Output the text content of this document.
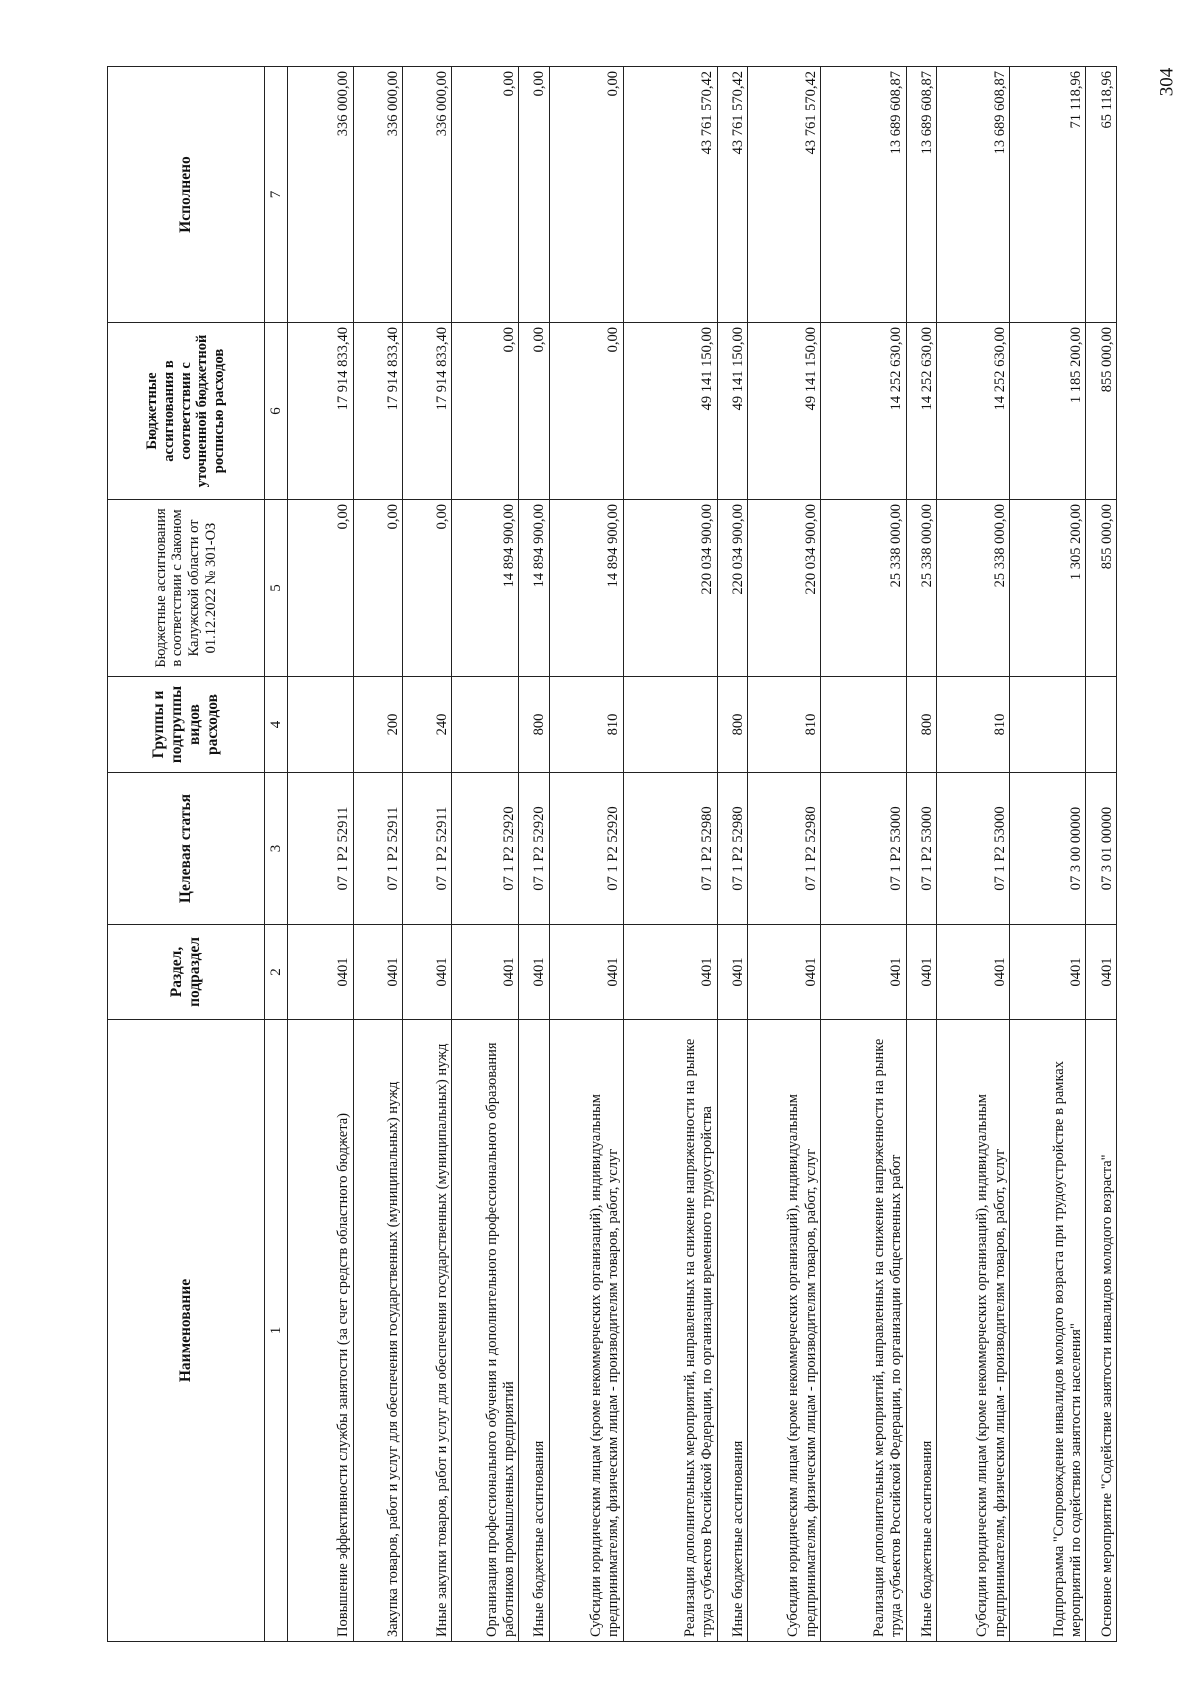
304
Наименование	Раздел, подраздел	Целевая статья	Группы и подгруппы видов расходов	Бюджетные ассигнования в соответствии с Законом Калужской области от 01.12.2022 № 301-ОЗ	Бюджетные ассигнования в соответствии с уточненной бюджетной росписью расходов	Исполнено
1	2	3	4	5	6	7
Повышение эффективности службы занятости (за счет средств областного бюджета)	0401	07 1 Р2 52911		0,00	17 914 833,40	336 000,00
Закупка товаров, работ и услуг для обеспечения государственных (муниципальных) нужд	0401	07 1 Р2 52911	200	0,00	17 914 833,40	336 000,00
Иные закупки товаров, работ и услуг для обеспечения государственных (муниципальных) нужд	0401	07 1 Р2 52911	240	0,00	17 914 833,40	336 000,00
Организация профессионального обучения и дополнительного профессионального образования работников промышленных предприятий	0401	07 1 Р2 52920		14 894 900,00	0,00	0,00
Иные бюджетные ассигнования	0401	07 1 Р2 52920	800	14 894 900,00	0,00	0,00
Субсидии юридическим лицам (кроме некоммерческих организаций), индивидуальным предпринимателям, физическим лицам - производителям товаров, работ, услуг	0401	07 1 Р2 52920	810	14 894 900,00	0,00	0,00
Реализация дополнительных мероприятий, направленных на снижение напряженности на рынке труда субъектов Российской Федерации, по организации временного трудоустройства	0401	07 1 Р2 52980		220 034 900,00	49 141 150,00	43 761 570,42
Иные бюджетные ассигнования	0401	07 1 Р2 52980	800	220 034 900,00	49 141 150,00	43 761 570,42
Субсидии юридическим лицам (кроме некоммерческих организаций), индивидуальным предпринимателям, физическим лицам - производителям товаров, работ, услуг	0401	07 1 Р2 52980	810	220 034 900,00	49 141 150,00	43 761 570,42
Реализация дополнительных мероприятий, направленных на снижение напряженности на рынке труда субъектов Российской Федерации, по организации общественных работ	0401	07 1 Р2 53000		25 338 000,00	14 252 630,00	13 689 608,87
Иные бюджетные ассигнования	0401	07 1 Р2 53000	800	25 338 000,00	14 252 630,00	13 689 608,87
Субсидии юридическим лицам (кроме некоммерческих организаций), индивидуальным предпринимателям, физическим лицам - производителям товаров, работ, услуг	0401	07 1 Р2 53000	810	25 338 000,00	14 252 630,00	13 689 608,87
Подпрограмма "Сопровождение инвалидов молодого возраста при трудоустройстве в рамках мероприятий по содействию занятости населения"	0401	07 3 00 00000		1 305 200,00	1 185 200,00	71 118,96
Основное мероприятие "Содействие занятости инвалидов молодого возраста"	0401	07 3 01 00000		855 000,00	855 000,00	65 118,96
